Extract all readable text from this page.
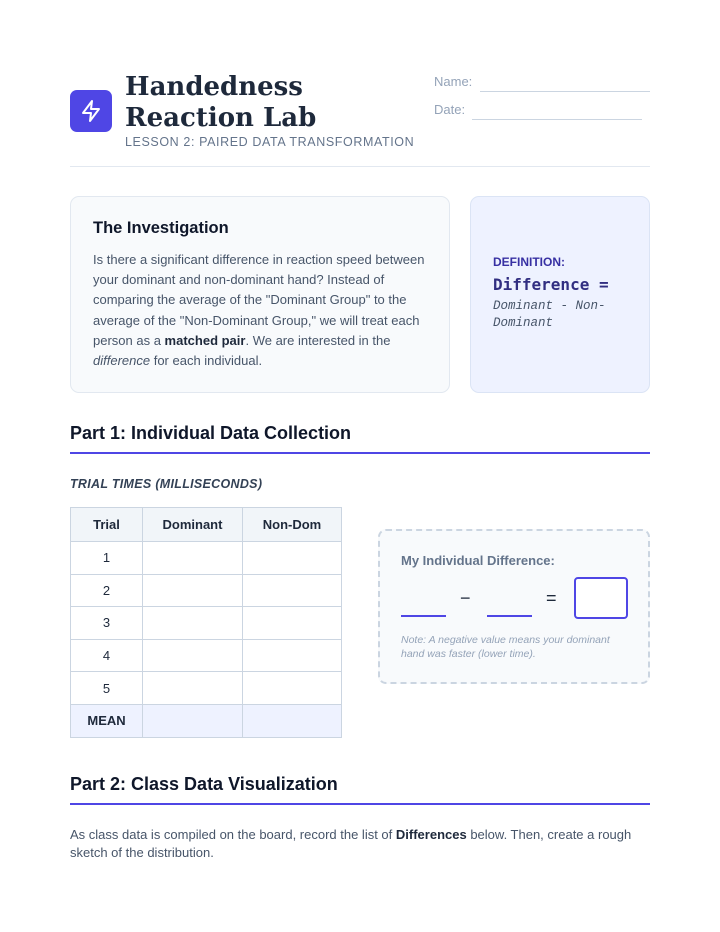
Handedness Reaction Lab
LESSON 2: PAIRED DATA TRANSFORMATION
Name:
Date:
The Investigation
Is there a significant difference in reaction speed between your dominant and non-dominant hand? Instead of comparing the average of the "Dominant Group" to the average of the "Non-Dominant Group," we will treat each person as a matched pair. We are interested in the difference for each individual.
DEFINITION:
Difference =
Dominant - Non-Dominant
Part 1: Individual Data Collection
TRIAL TIMES (MILLISECONDS)
Trial	Dominant	Non-Dom
1		
2		
3		
4		
5		
MEAN		
My Individual Difference:
−	=
Note: A negative value means your dominant hand was faster (lower time).
Part 2: Class Data Visualization
As class data is compiled on the board, record the list of Differences below. Then, create a rough sketch of the distribution.
